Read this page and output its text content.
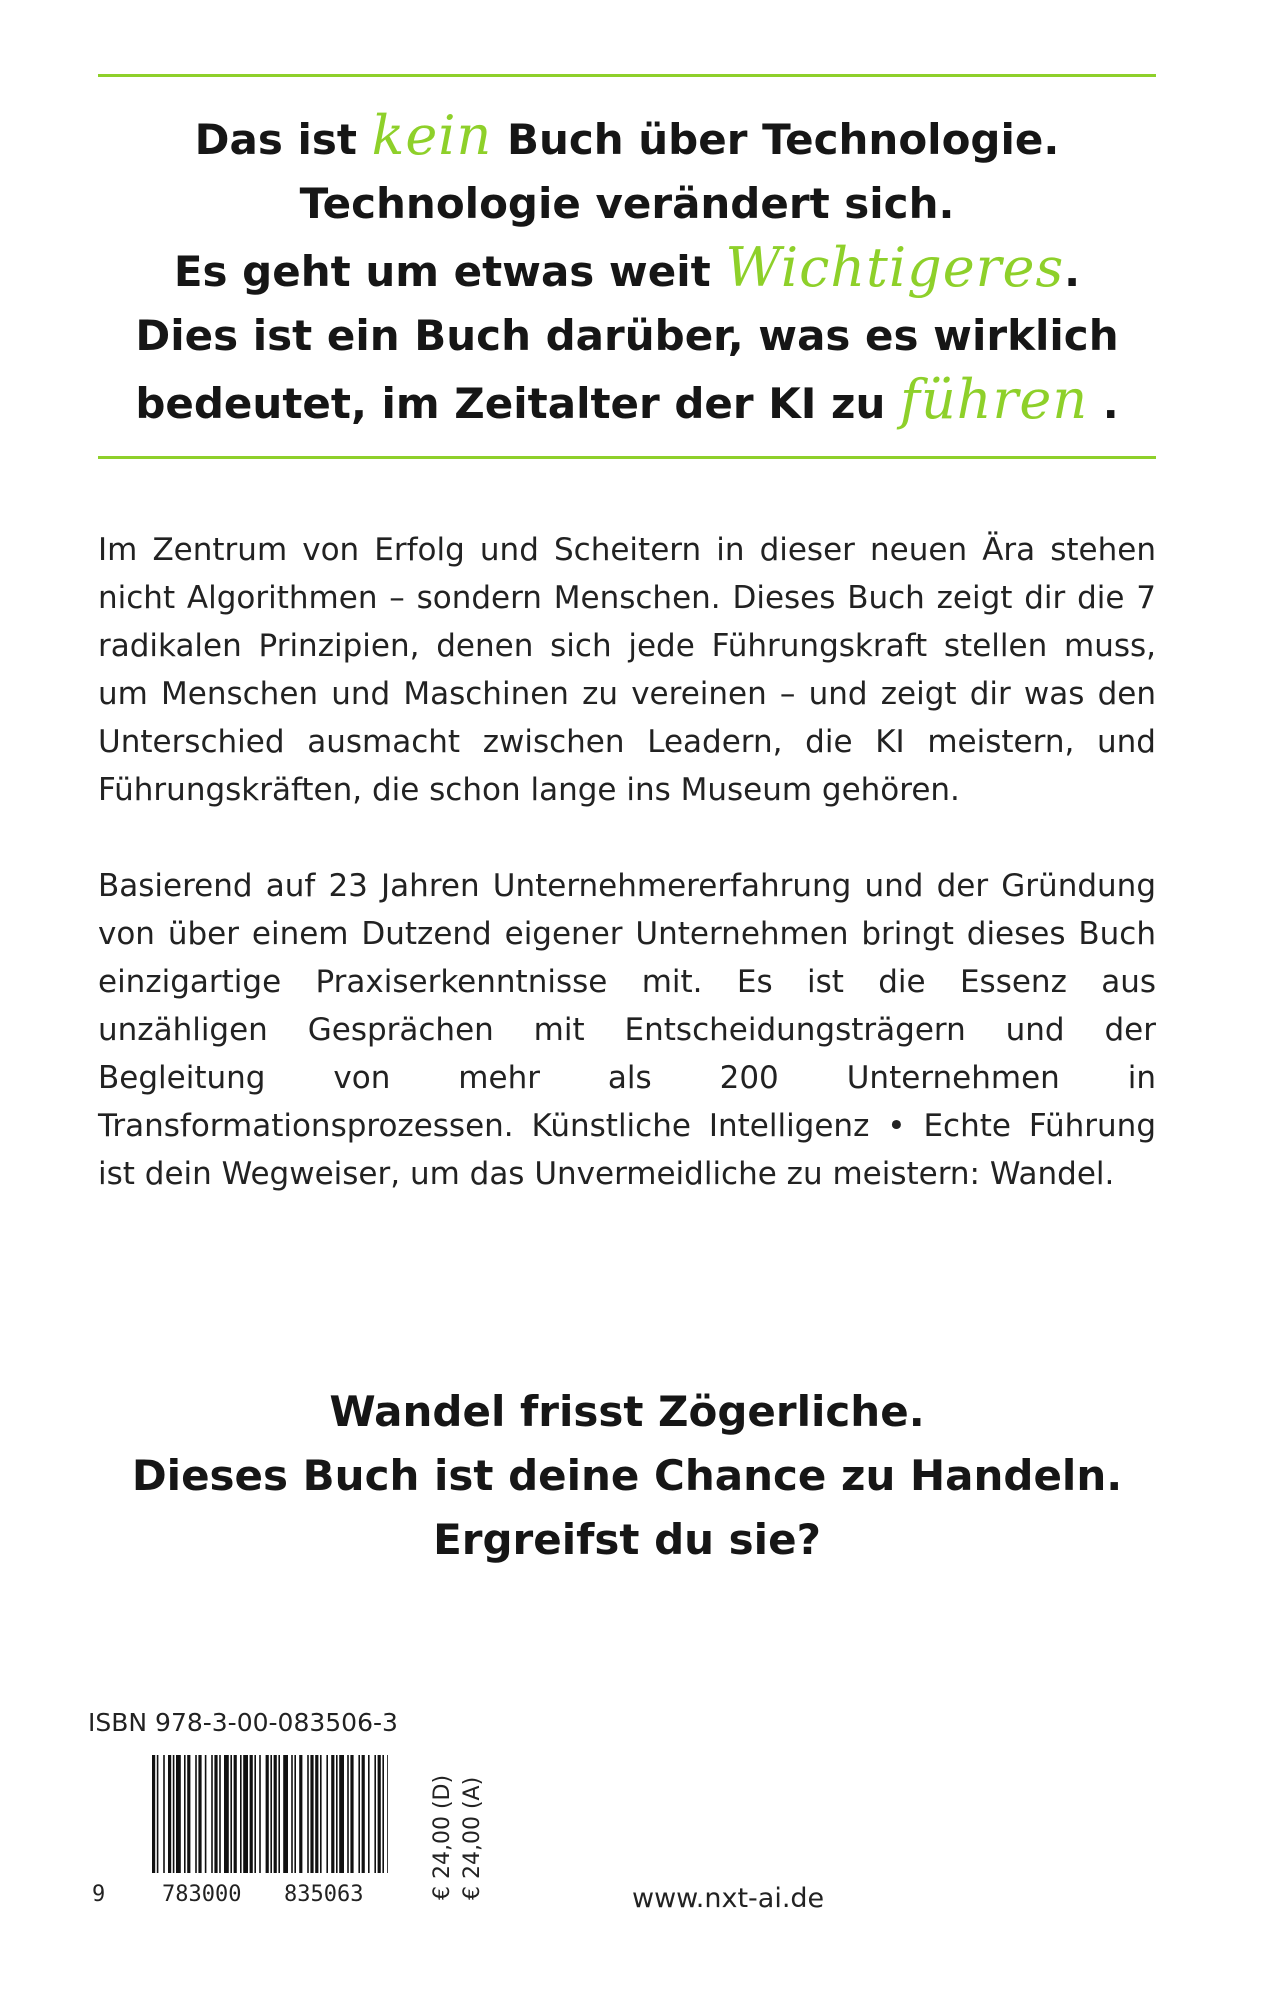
Das ist kein Buch über Technologie.
Technologie verändert sich.
Es geht um etwas weit Wichtigeres.
Dies ist ein Buch darüber, was es wirklich
bedeutet, im Zeitalter der KI zu führen .

Im Zentrum von Erfolg und Scheitern in dieser neuen Ära stehen nicht Algorithmen – sondern Menschen. Dieses Buch zeigt dir die 7 radikalen Prinzipien, denen sich jede Führungskraft stellen muss, um Menschen und Maschinen zu vereinen – und zeigt dir was den Unterschied ausmacht zwischen Leadern, die KI meistern, und Führungskräften, die schon lange ins Museum gehören.

Basierend auf 23 Jahren Unternehmererfahrung und der Gründung von über einem Dutzend eigener Unternehmen bringt dieses Buch einzigartige Praxiserkenntnisse mit. Es ist die Essenz aus unzähligen Gesprächen mit Entscheidungsträgern und der Begleitung von mehr als 200 Unternehmen in Transformationsprozessen. Künstliche Intelligenz • Echte Führung ist dein Wegweiser, um das Unvermeidliche zu meistern: Wandel.

Wandel frisst Zögerliche.
Dieses Buch ist deine Chance zu Handeln.
Ergreifst du sie?
ISBN 978-3-00-083506-3
9	783000 835063	€ 24,00 (D) € 24,00 (A)	www.nxt-ai.de
